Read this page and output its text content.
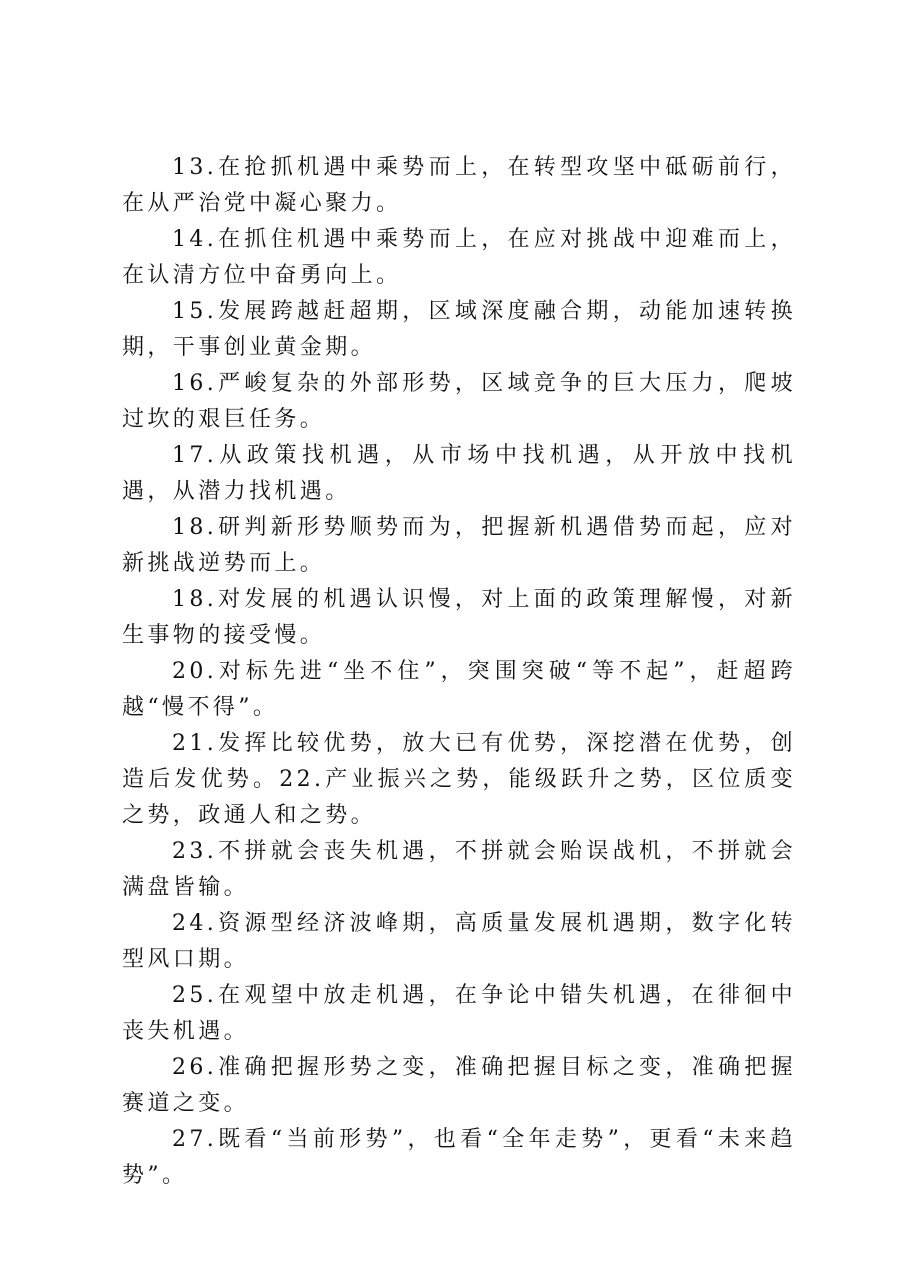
13.在抢抓机遇中乘势而上，在转型攻坚中砥砺前行，在从严治党中凝心聚力。

14.在抓住机遇中乘势而上，在应对挑战中迎难而上，在认清方位中奋勇向上。

15.发展跨越赶超期，区域深度融合期，动能加速转换期，干事创业黄金期。

16.严峻复杂的外部形势，区域竞争的巨大压力，爬坡过坎的艰巨任务。

17.从政策找机遇，从市场中找机遇，从开放中找机遇，从潜力找机遇。

18.研判新形势顺势而为，把握新机遇借势而起，应对新挑战逆势而上。

18.对发展的机遇认识慢，对上面的政策理解慢，对新生事物的接受慢。

20.对标先进“坐不住”，突围突破“等不起”，赶超跨越“慢不得”。

21.发挥比较优势，放大已有优势，深挖潜在优势，创造后发优势。22.产业振兴之势，能级跃升之势，区位质变之势，政通人和之势。

23.不拼就会丧失机遇，不拼就会贻误战机，不拼就会满盘皆输。

24.资源型经济波峰期，高质量发展机遇期，数字化转型风口期。

25.在观望中放走机遇，在争论中错失机遇，在徘徊中丧失机遇。

26.准确把握形势之变，准确把握目标之变，准确把握赛道之变。

27.既看“当前形势”，也看“全年走势”，更看“未来趋势”。
